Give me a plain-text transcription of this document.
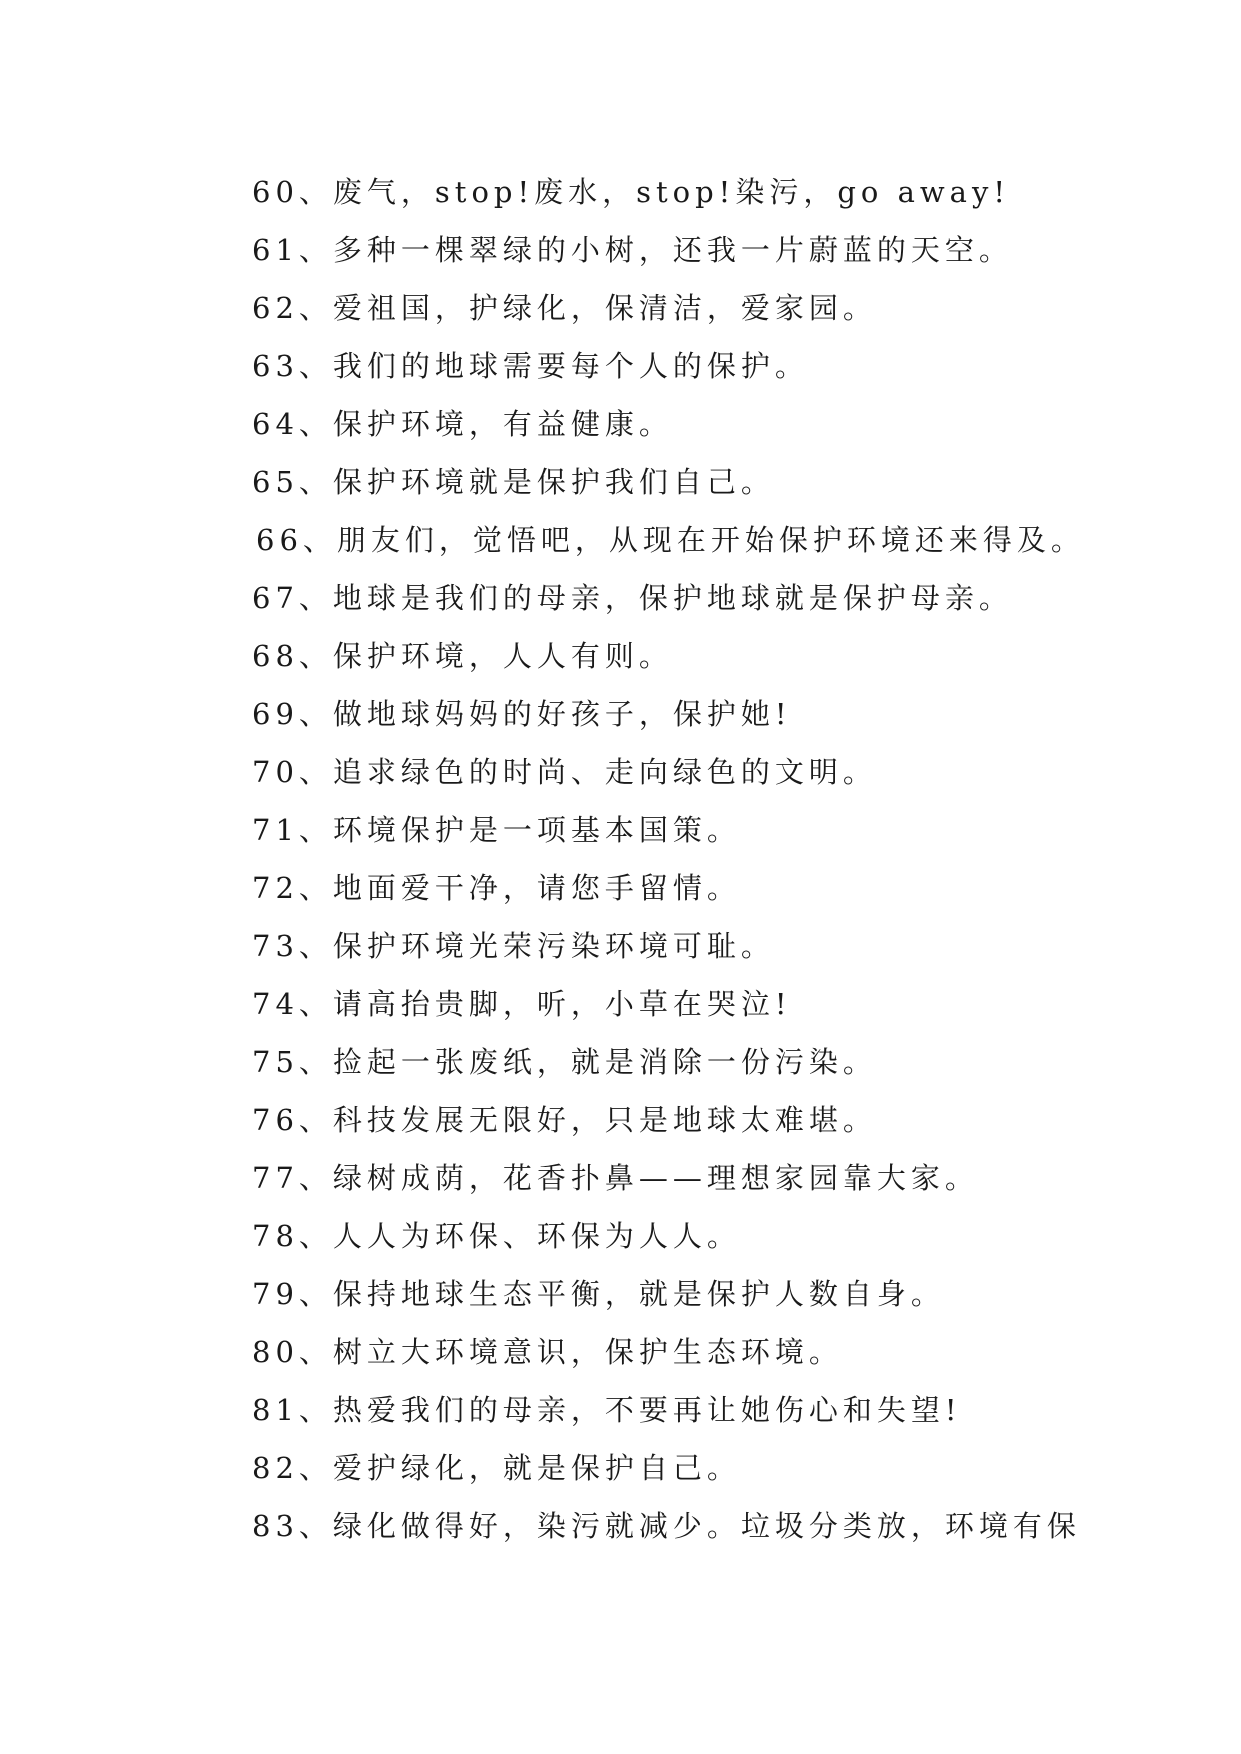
60、废气，stop!废水，stop!染污，go away!
61、多种一棵翠绿的小树，还我一片蔚蓝的天空。
62、爱祖国，护绿化，保清洁，爱家园。
63、我们的地球需要每个人的保护。
64、保护环境，有益健康。
65、保护环境就是保护我们自己。
66、朋友们，觉悟吧，从现在开始保护环境还来得及。
67、地球是我们的母亲，保护地球就是保护母亲。
68、保护环境，人人有则。
69、做地球妈妈的好孩子，保护她!
70、追求绿色的时尚、走向绿色的文明。
71、环境保护是一项基本国策。
72、地面爱干净，请您手留情。
73、保护环境光荣污染环境可耻。
74、请高抬贵脚，听，小草在哭泣!
75、捡起一张废纸，就是消除一份污染。
76、科技发展无限好，只是地球太难堪。
77、绿树成荫，花香扑鼻——理想家园靠大家。
78、人人为环保、环保为人人。
79、保持地球生态平衡，就是保护人数自身。
80、树立大环境意识，保护生态环境。
81、热爱我们的母亲，不要再让她伤心和失望!
82、爱护绿化，就是保护自己。
83、绿化做得好，染污就减少。垃圾分类放，环境有保
